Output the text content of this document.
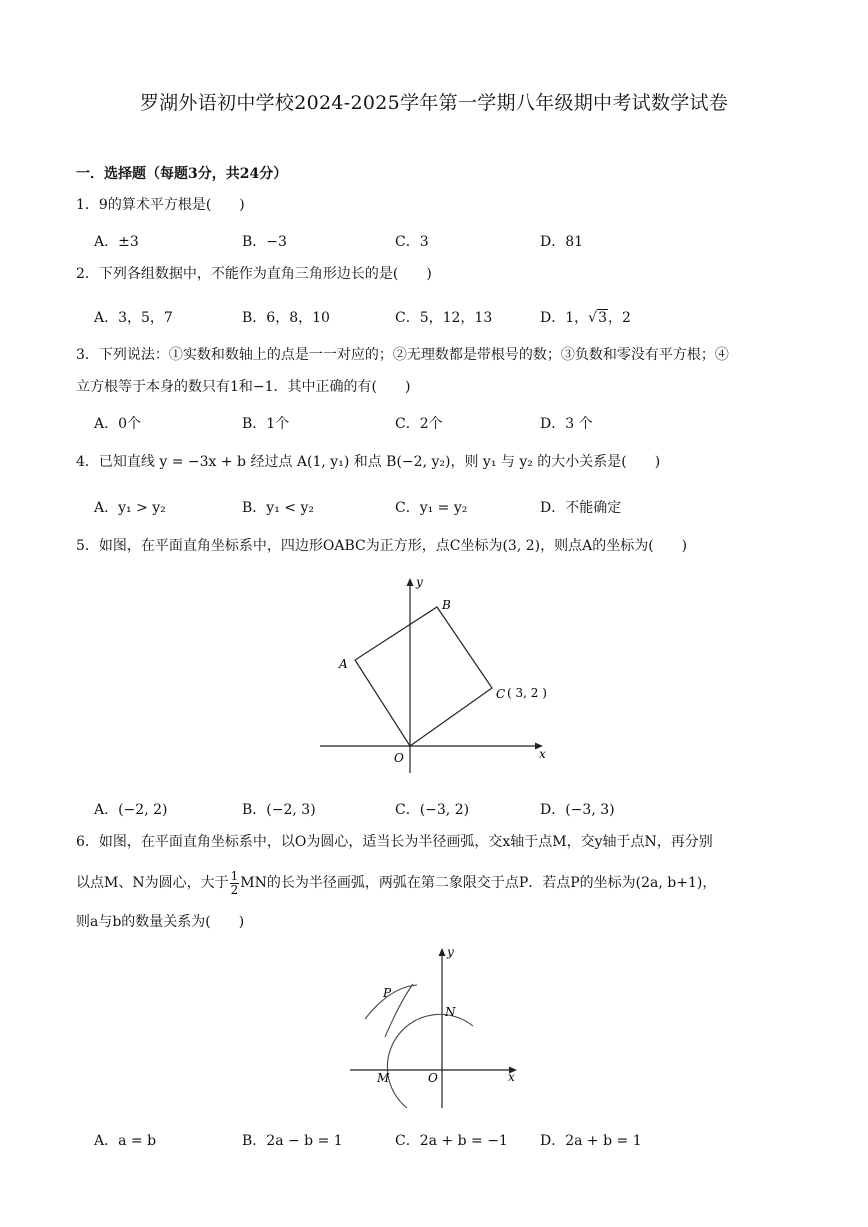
罗湖外语初中学校2024-2025学年第一学期八年级期中考试数学试卷
一．选择题（每题3分，共24分）
1．9的算术平方根是(　　)
A．±3	B．−3	C．3	D．81
2．下列各组数据中，不能作为直角三角形边长的是(　　)
A．3，5，7	B．6，8，10	C．5，12，13	D．1，√3，2
3．下列说法：①实数和数轴上的点是一一对应的；②无理数都是带根号的数；③负数和零没有平方根；④
立方根等于本身的数只有1和−1．其中正确的有(　　)
A．0个	B．1个	C．2个	D．3 个
4．已知直线 y = −3x + b 经过点 A(1, y₁) 和点 B(−2, y₂)，则 y₁ 与 y₂ 的大小关系是(　　)
A．y₁ > y₂	B．y₁ < y₂	C．y₁ = y₂	D．不能确定
5．如图，在平面直角坐标系中，四边形OABC为正方形，点C坐标为(3, 2)，则点A的坐标为(　　)
y
x
O
A
B
C ( 3, 2 )
A．(−2, 2)	B．(−2, 3)	C．(−3, 2)	D．(−3, 3)
6．如图，在平面直角坐标系中，以O为圆心，适当长为半径画弧，交x轴于点M，交y轴于点N，再分别
以点M、N为圆心，大于 $\frac{1}{2}$ MN的长为半径画弧，两弧在第二象限交于点P．若点P的坐标为(2a, b+1)，
则a与b的数量关系为(　　)
y
x
O
M
N
P
A．a = b	B．2a − b = 1	C．2a + b = −1 D．2a + b = 1
